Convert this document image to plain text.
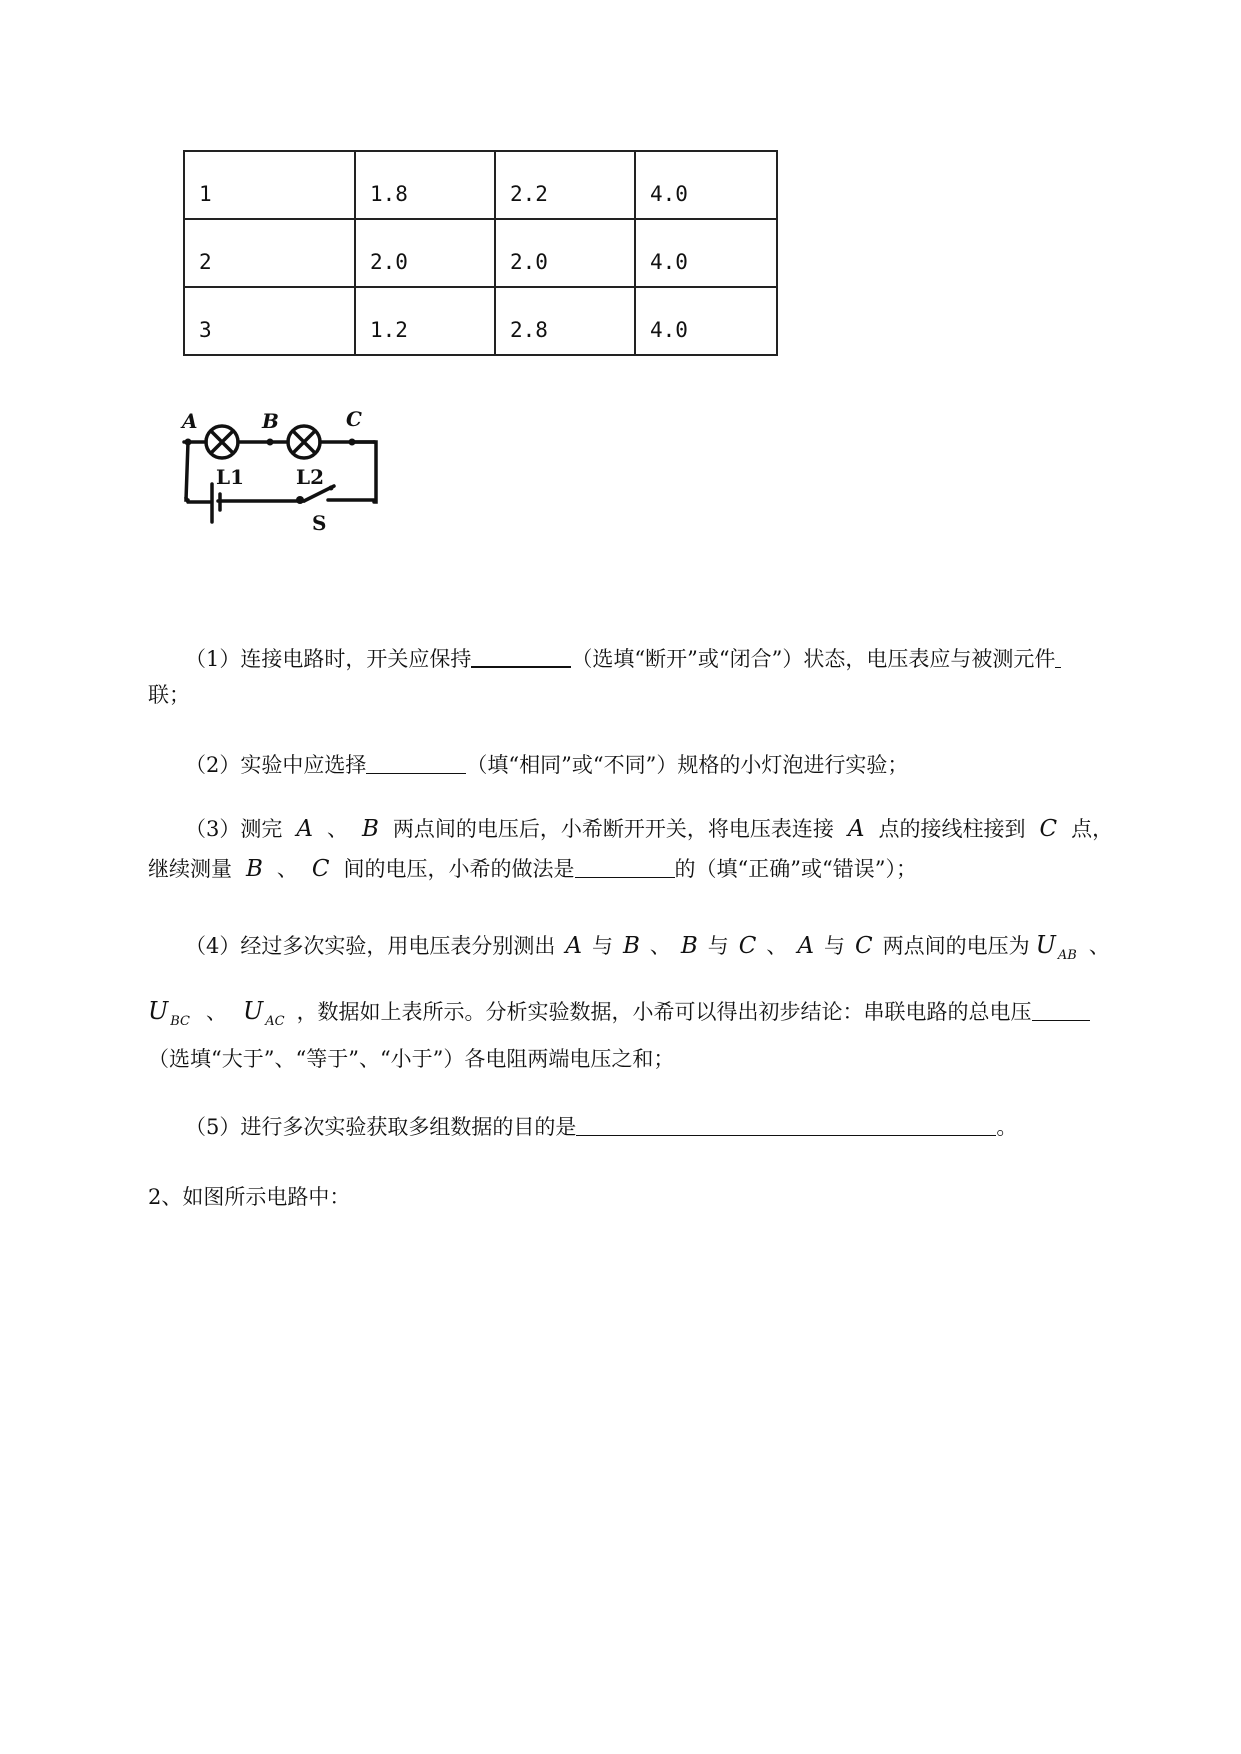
1	1.8	2.2	4.0
2	2.0	2.0	4.0
3	1.2	2.8	4.0
A	B	C
L1	L2
S
（1）连接电路时，开关应保持	（选填“断开”或“闭合”）状态，电压表应与被测元件
联；
（2）实验中应选择	（填“相同”或“不同”）规格的小灯泡进行实验；
（3）测完 A 、 B 两点间的电压后，小希断开开关，将电压表连接 A 点的接线柱接到 C 点，
继续测量 B 、 C 间的电压，小希的做法是	的（填“正确”或“错误”）；
（4）经过多次实验，用电压表分别测出 A 与 B 、 B 与 C 、 A 与 C 两点间的电压为 U $_{AB}$ 、
U $_{BC}$ 、 U $_{AC}$ ，数据如上表所示。分析实验数据，小希可以得出初步结论：串联电路的总电压
（选填“大于”、“等于”、“小于”）各电阻两端电压之和；
（5）进行多次实验获取多组数据的目的是	。
2、如图所示电路中：
